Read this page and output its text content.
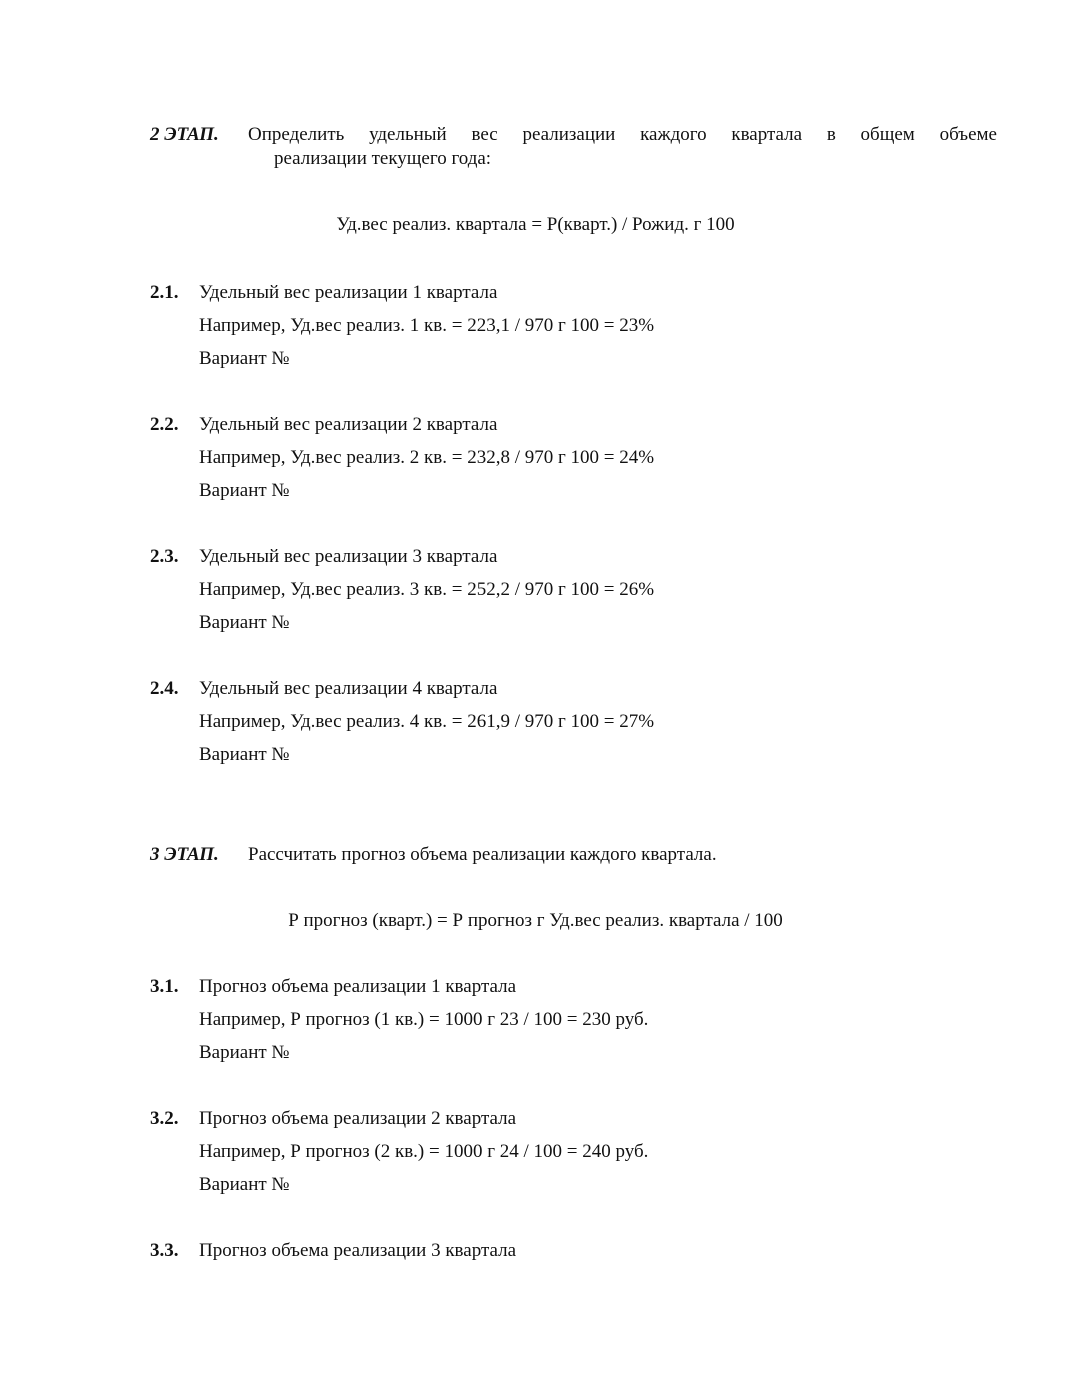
2 ЭТАП. Определить удельный вес реализации каждого квартала в общем объеме
реализации текущего года:
Уд.вес реализ. квартала = Р(кварт.) / Рожид. г 100
2.1. Удельный вес реализации 1 квартала
Например, Уд.вес реализ. 1 кв. = 223,1 / 970 г 100 = 23%
Вариант №
2.2. Удельный вес реализации 2 квартала
Например, Уд.вес реализ. 2 кв. = 232,8 / 970 г 100 = 24%
Вариант №
2.3. Удельный вес реализации 3 квартала
Например, Уд.вес реализ. 3 кв. = 252,2 / 970 г 100 = 26%
Вариант №
2.4. Удельный вес реализации 4 квартала
Например, Уд.вес реализ. 4 кв. = 261,9 / 970 г 100 = 27%
Вариант №
3 ЭТАП. Рассчитать прогноз объема реализации каждого квартала.
Р прогноз (кварт.) = Р прогноз г Уд.вес реализ. квартала / 100
3.1. Прогноз объема реализации 1 квартала
Например, Р прогноз (1 кв.) = 1000 г 23 / 100 = 230 руб.
Вариант №
3.2. Прогноз объема реализации 2 квартала
Например, Р прогноз (2 кв.) = 1000 г 24 / 100 = 240 руб.
Вариант №
3.3. Прогноз объема реализации 3 квартала
